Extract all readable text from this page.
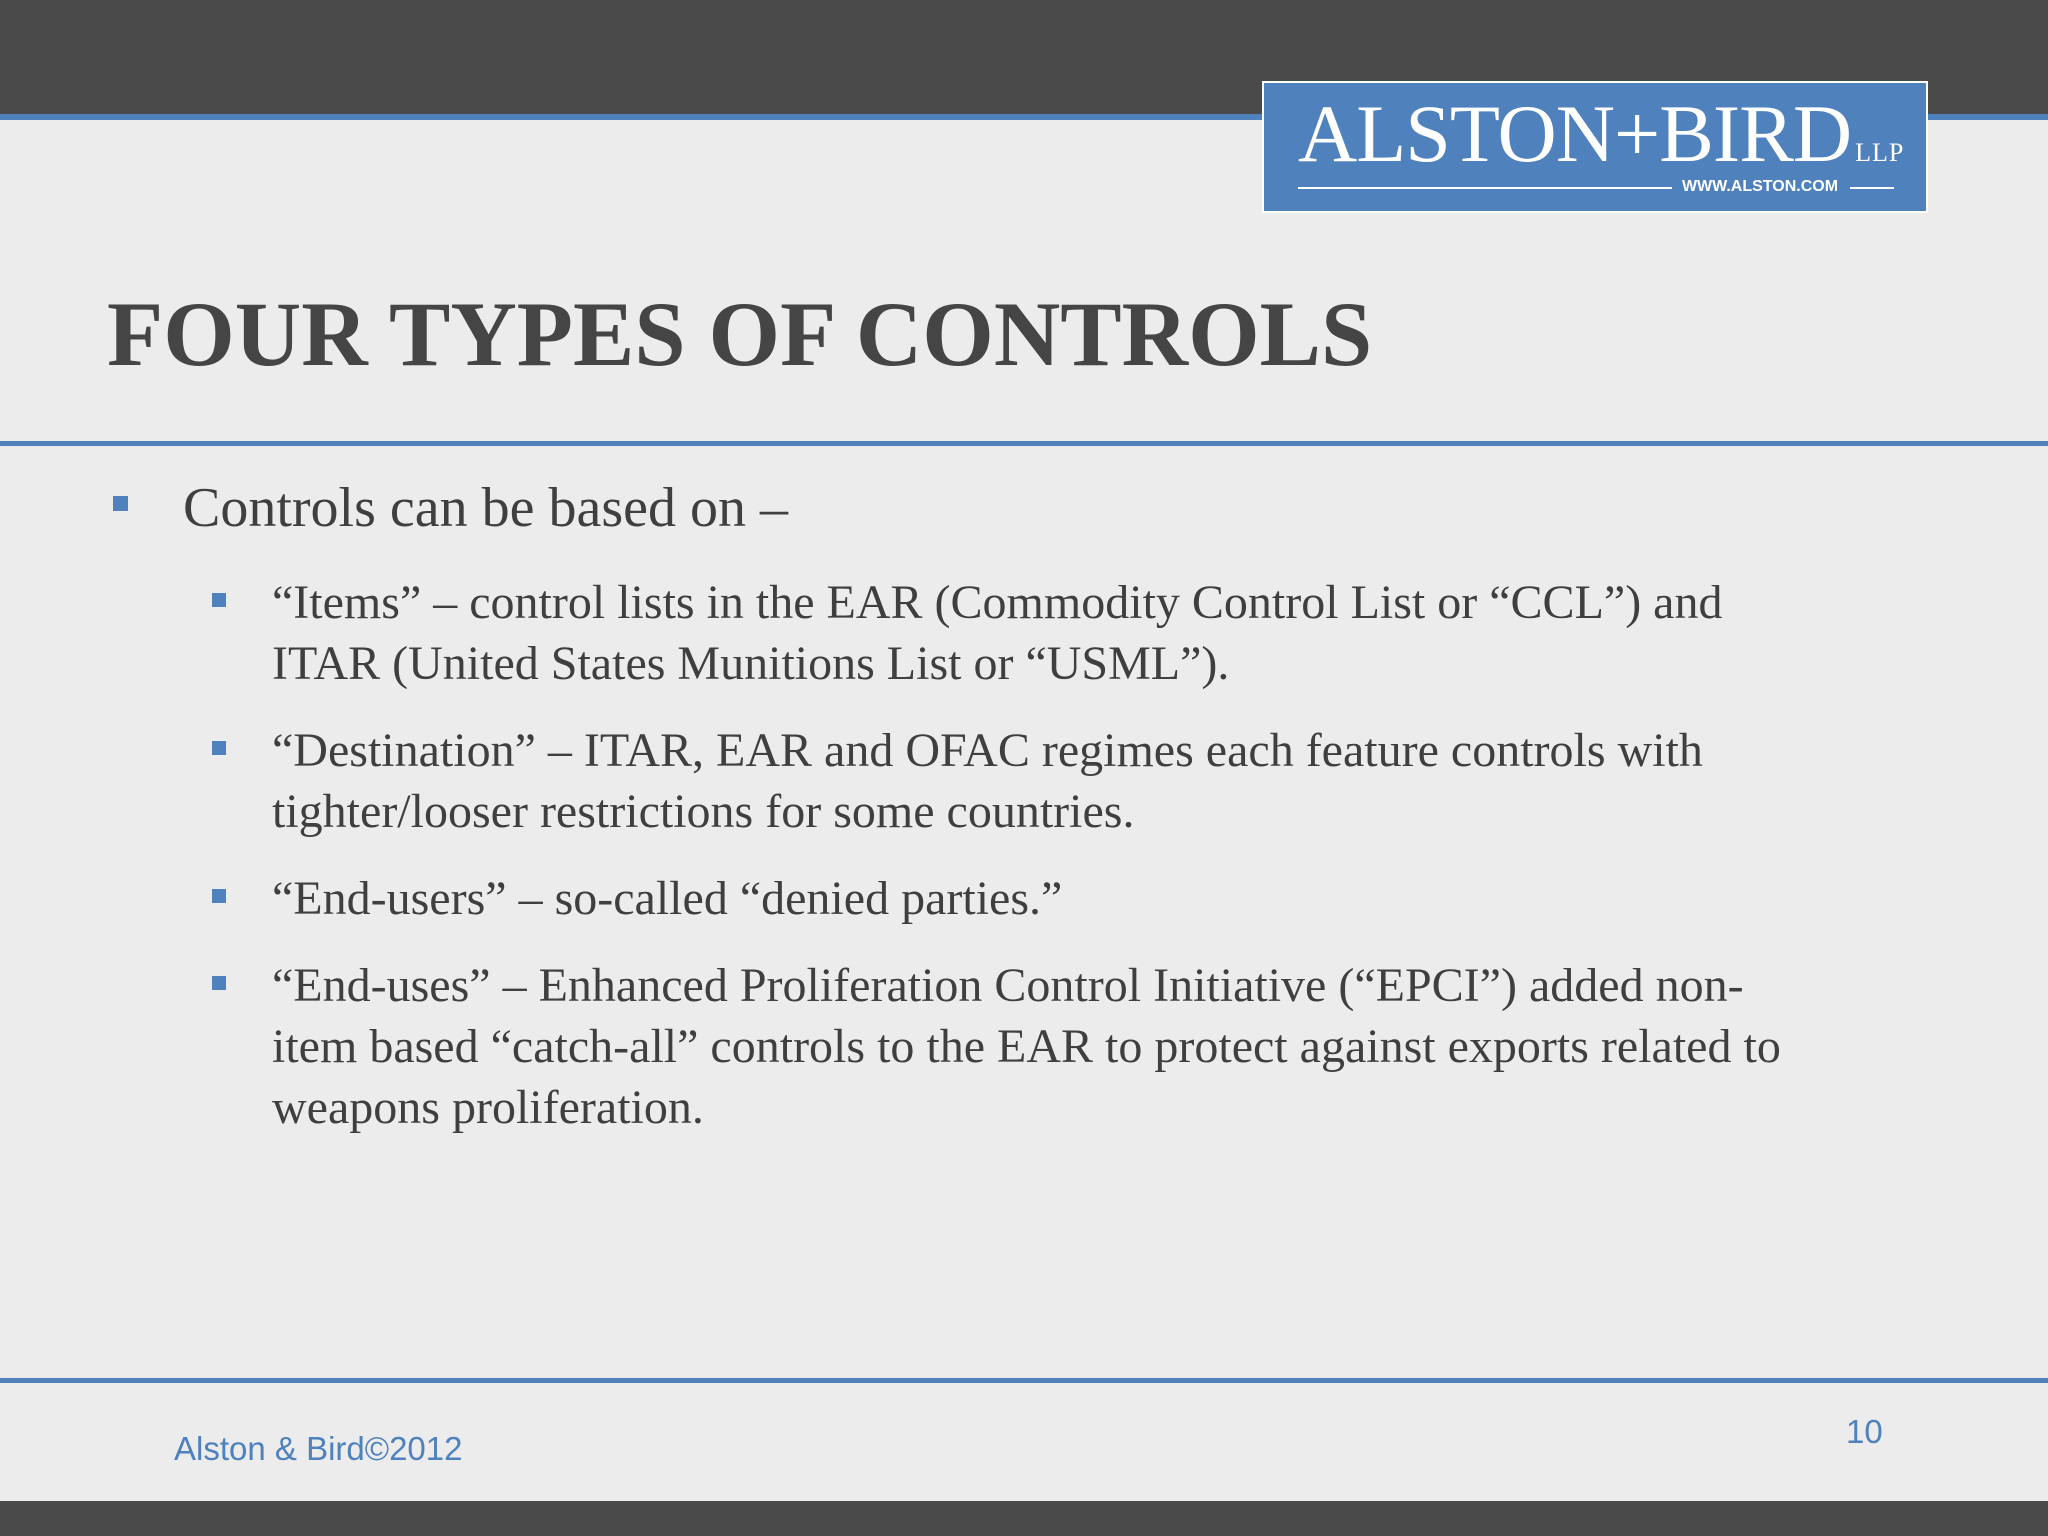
ALSTON+BIRD LLP
WWW.ALSTON.COM
FOUR TYPES OF CONTROLS
Controls can be based on –
“Items” – control lists in the EAR (Commodity Control List or “CCL”) and ITAR (United States Munitions List or “USML”).
“Destination” – ITAR, EAR and OFAC regimes each feature controls with tighter/looser restrictions for some countries.
“End-users” – so-called “denied parties.”
“End-uses” – Enhanced Proliferation Control Initiative (“EPCI”) added non-item based “catch-all” controls to the EAR to protect against exports related to weapons proliferation.
Alston & Bird©2012	10
